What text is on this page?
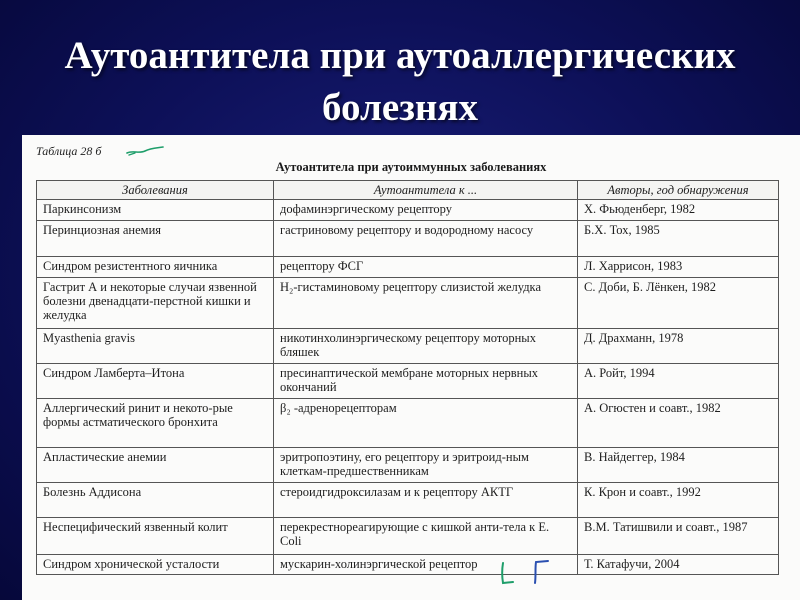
Аутоантитела при аутоаллергических
болезнях
Таблица 28 б
Аутоантитела при аутоиммунных заболеваниях
Заболевания	Аутоантитела к ...	Авторы, год обнаружения
Паркинсонизм	дофаминэргическому рецептору	Х. Фьюденберг, 1982
Перинциозная анемия	гастриновому рецептору и водородному насосу	Б.Х. Тох, 1985
Синдром резистентного яичника	рецептору ФСГ	Л. Харрисон, 1983
Гастрит А и некоторые случаи язвенной болезни двенадцати-перстной кишки и желудка	H₂-гистаминовому рецептору слизистой желудка	С. Доби, Б. Лёнкен, 1982
Myasthenia gravis	никотинхолинэргическому рецептору моторных бляшек	Д. Драхманн, 1978
Синдром Ламберта–Итона	пресинаптической мембране моторных нервных окончаний	А. Ройт, 1994
Аллергический ринит и некото-рые формы астматического бронхита	β₂ -адренорецепторам	А. Огюстен и соавт., 1982
Апластические анемии	эритропоэтину, его рецептору и эритроид-ным клеткам-предшественникам	В. Найдеггер, 1984
Болезнь Аддисона	стероидгидроксилазам и к рецептору АКТГ	К. Крон и соавт., 1992
Неспецифический язвенный колит	перекрестнореагирующие с кишкой анти-тела к E. Coli	В.М. Татишвили и соавт., 1987
Синдром хронической усталости	мускарин-холинэргической рецептор	Т. Катафучи, 2004
